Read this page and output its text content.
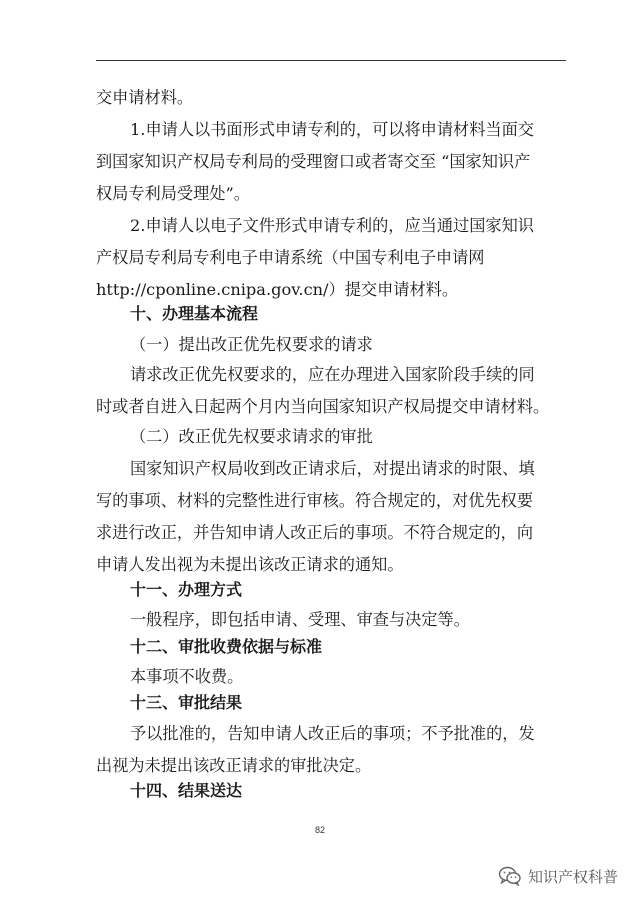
交申请材料。
1.申请人以书面形式申请专利的，可以将申请材料当面交
到国家知识产权局专利局的受理窗口或者寄交至 “国家知识产
权局专利局受理处”。
2.申请人以电子文件形式申请专利的，应当通过国家知识
产权局专利局专利电子申请系统（中国专利电子申请网
http://cponline.cnipa.gov.cn/）提交申请材料。
十、办理基本流程
（一）提出改正优先权要求的请求
请求改正优先权要求的，应在办理进入国家阶段手续的同
时或者自进入日起两个月内当向国家知识产权局提交申请材料。
（二）改正优先权要求请求的审批
国家知识产权局收到改正请求后，对提出请求的时限、填
写的事项、材料的完整性进行审核。符合规定的，对优先权要
求进行改正，并告知申请人改正后的事项。不符合规定的，向
申请人发出视为未提出该改正请求的通知。
十一、办理方式
一般程序，即包括申请、受理、审查与决定等。
十二、审批收费依据与标准
本事项不收费。
十三、审批结果
予以批准的，告知申请人改正后的事项；不予批准的，发
出视为未提出该改正请求的审批决定。
十四、结果送达
82
知识产权科普
